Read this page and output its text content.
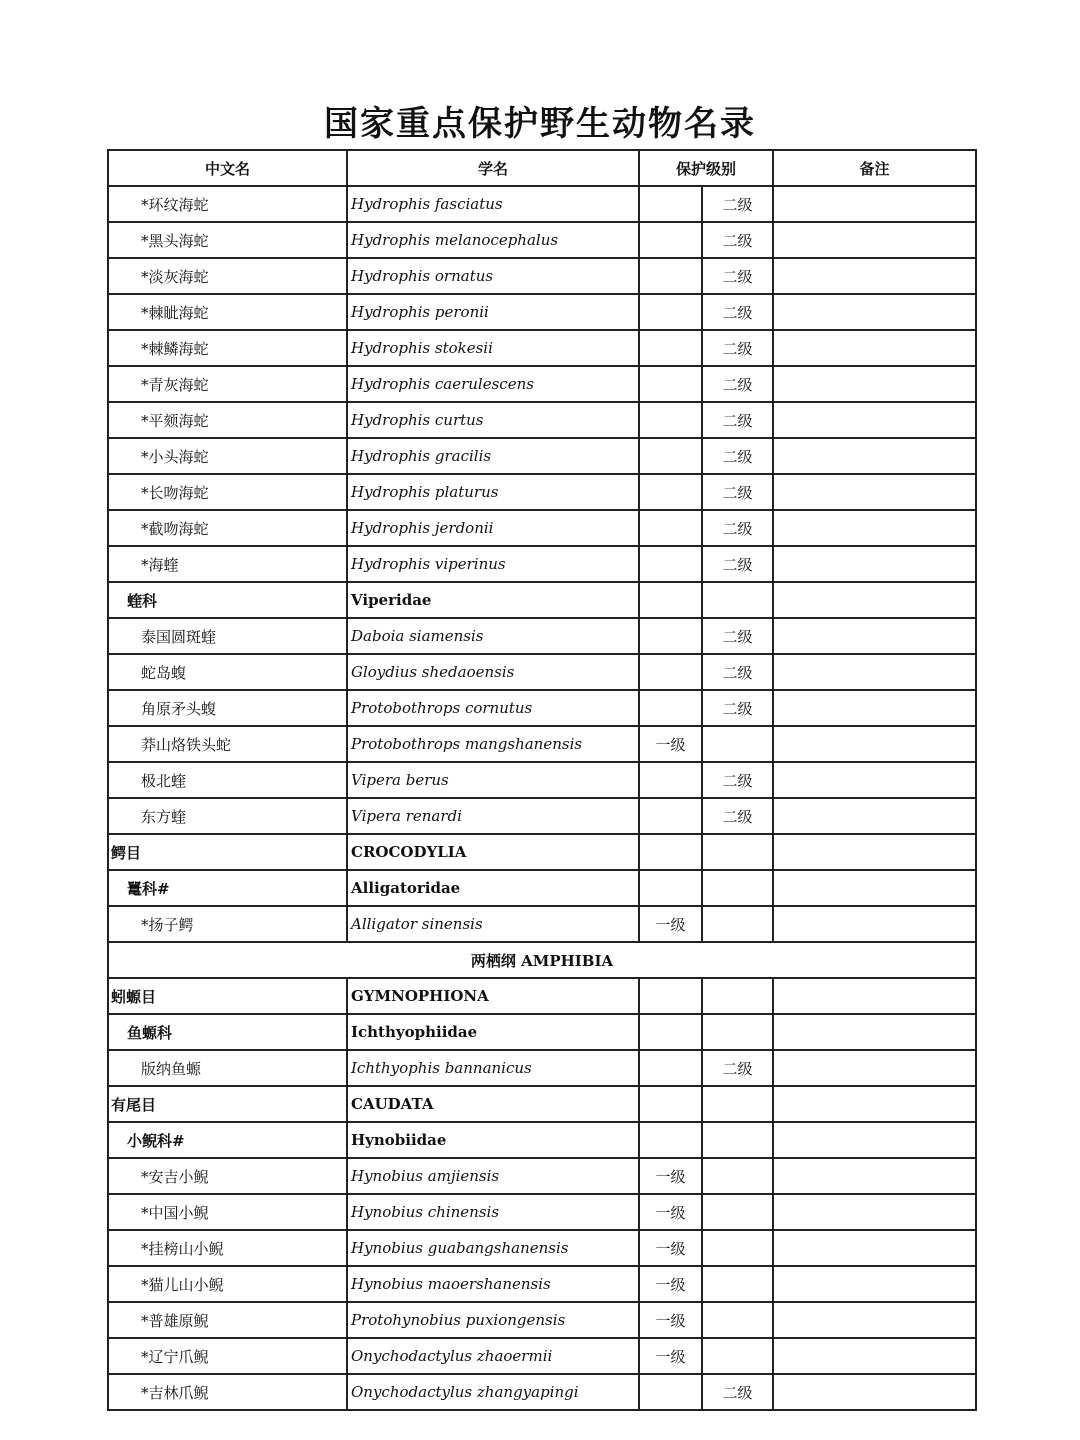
国家重点保护野生动物名录
中文名	学名	保护级别		备注
*环纹海蛇	Hydrophis fasciatus		二级	
*黑头海蛇	Hydrophis melanocephalus		二级	
*淡灰海蛇	Hydrophis ornatus		二级	
*棘眦海蛇	Hydrophis peronii		二级	
*棘鳞海蛇	Hydrophis stokesii		二级	
*青灰海蛇	Hydrophis caerulescens		二级	
*平颏海蛇	Hydrophis curtus		二级	
*小头海蛇	Hydrophis gracilis		二级	
*长吻海蛇	Hydrophis platurus		二级	
*截吻海蛇	Hydrophis jerdonii		二级	
*海蝰	Hydrophis viperinus		二级	
蝰科	Viperidae			
泰国圆斑蝰	Daboia siamensis		二级	
蛇岛蝮	Gloydius shedaoensis		二级	
角原矛头蝮	Protobothrops cornutus		二级	
莽山烙铁头蛇	Protobothrops mangshanensis	一级		
极北蝰	Vipera berus		二级	
东方蝰	Vipera renardi		二级	
鳄目	CROCODYLIA			
鼍科#	Alligatoridae			
*扬子鳄	Alligator sinensis	一级		
两栖纲 AMPHIBIA				
蚓螈目	GYMNOPHIONA			
鱼螈科	Ichthyophiidae			
版纳鱼螈	Ichthyophis bannanicus		二级	
有尾目	CAUDATA			
小鲵科#	Hynobiidae			
*安吉小鲵	Hynobius amjiensis	一级		
*中国小鲵	Hynobius chinensis	一级		
*挂榜山小鲵	Hynobius guabangshanensis	一级		
*猫儿山小鲵	Hynobius maoershanensis	一级		
*普雄原鲵	Protohynobius puxiongensis	一级		
*辽宁爪鲵	Onychodactylus zhaoermii	一级		
*吉林爪鲵	Onychodactylus zhangyapingi		二级	
